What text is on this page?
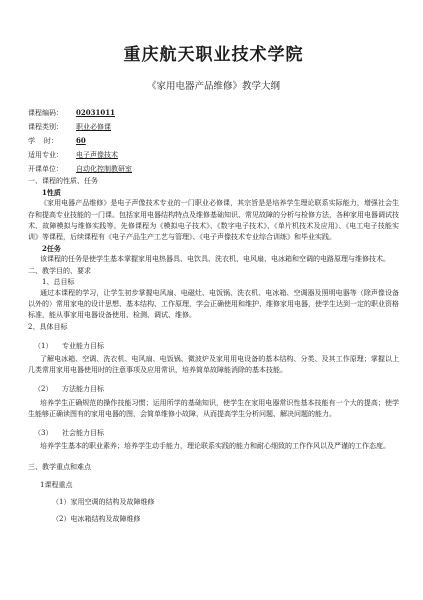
重庆航天职业技术学院
《家用电器产品维修》教学大纲
课程编码：	02031011
课程类别：	职业必修课
学    时：	60
适用专业：	电子声像技术
开课单位：	自动化控制教研室

一、课程的性质、任务

1性质

《家用电器产品维修》是电子声像技术专业的一门职业必修课，其宗旨是是培养学生理论联系实际能力，增强社会生存和提高专业技能的一门课。包括家用电器结构特点及维修基础知识、常见故障的分析与检修方法，各种家用电器调试技术、故障模拟与维修实践等。先修课程为《模拟电子技术》、《数字电子技术》、《单片机技术及应用》、《电工电子技能实训》等课程，后续课程有《电子产品生产工艺与管理》、《电子声像技术专业综合训练》和毕业实践。

2任务

该课程的任务是使学生基本掌握家用电热器具、电饮具、洗衣机、电风扇、电冰箱和空调的电路原理与维修技术。

二、教学目的、要求

1、总目标

通过本课程的学习，让学生初步掌握电风扇、电磁灶、电饭锅、洗衣机、电冰箱、空调器及照明电器等（除声像设备以外的）常用家电的设计思想、基本结构、工作原理，学会正确使用和维护、维修家用电器，使学生达到一定的职业资格标准，能从事家用电器设备使用、检测、调试、维修。

2、具体目标

（1）	专业能力目标

了解电冰箱、空调、洗衣机、电风扇、电饭锅、微波炉及家用用电设备的基本结构、分类、及其工作原理；掌握以上几类常用家用电器使用时的注意事项及应用常识，培养简单故障能消除的基本技能。

（2）	方法能力目标

培养学生正确规范的操作技能习惯；运用所学的基础知识，使学生在家用电器常识性基本技能有一个大的提高；使学生能够正确读图有的家用电器的图，会简单维修小故障，从而提高学生分析问题、解决问题的能力。

（3）	社会能力目标

培养学生基本的职业素养；培养学生动手能力，理论联系实践的能力和耐心细致的工作作风以及严谨的工作态度。

三、教学重点和难点

1课程重点

（1）家用空调的结构及故障维修

（2）电冰箱结构及故障维修
